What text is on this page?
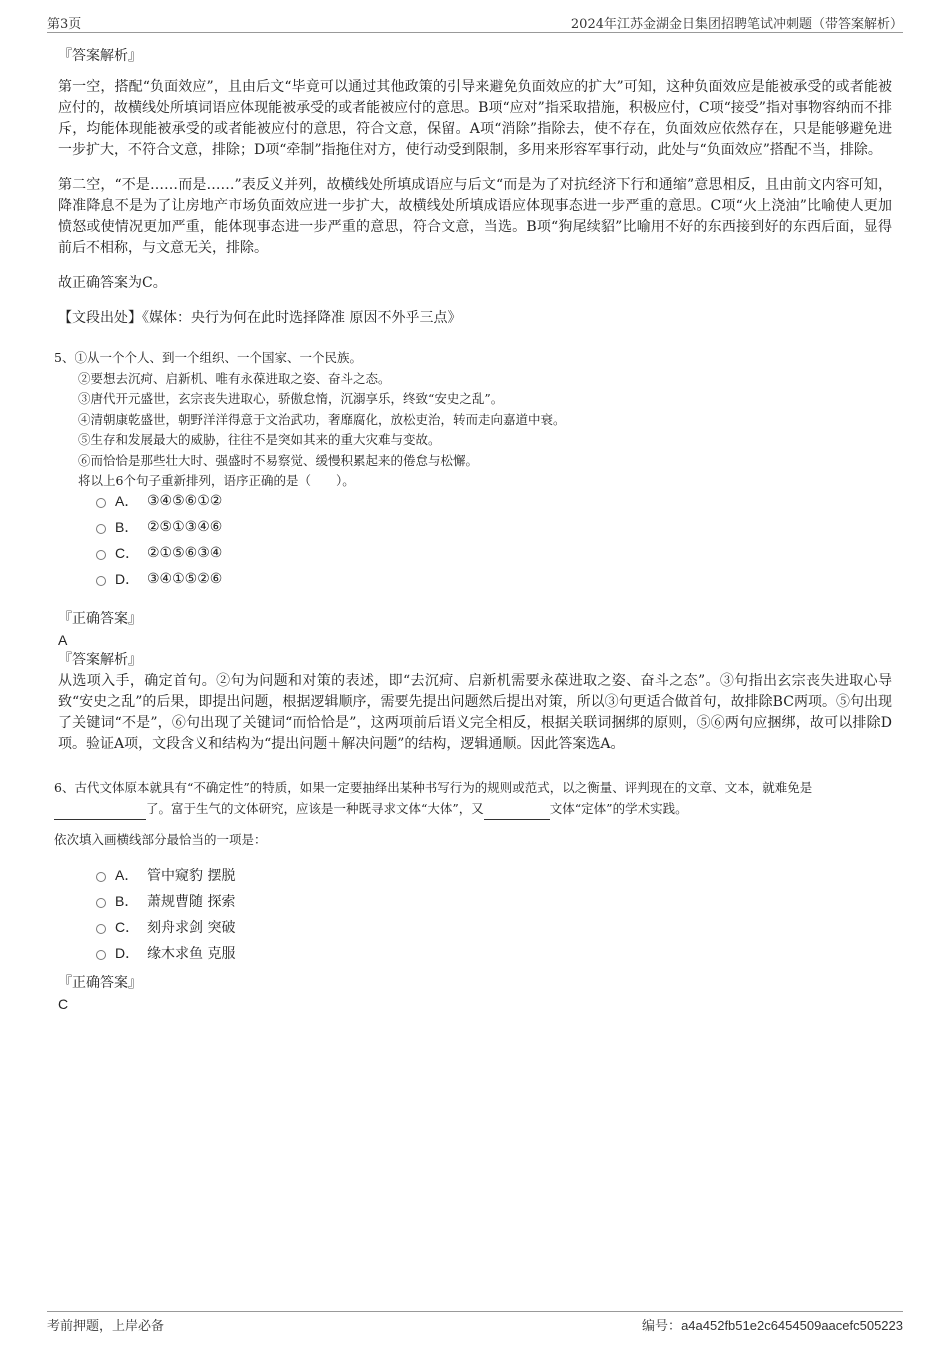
第3页	2024年江苏金湖金日集团招聘笔试冲刺题（带答案解析）

『答案解析』

第一空，搭配“负面效应”，且由后文“毕竟可以通过其他政策的引导来避免负面效应的扩大”可知，这种负面效应是能被承受的或者能被应付的，故横线处所填词语应体现能被承受的或者能被应付的意思。B项“应对”指采取措施，积极应付，C项“接受”指对事物容纳而不排斥，均能体现能被承受的或者能被应付的意思，符合文意，保留。A项“消除”指除去，使不存在，负面效应依然存在，只是能够避免进一步扩大，不符合文意，排除；D项“牵制”指拖住对方，使行动受到限制，多用来形容军事行动，此处与“负面效应”搭配不当，排除。

第二空，“不是……而是……”表反义并列，故横线处所填成语应与后文“而是为了对抗经济下行和通缩”意思相反，且由前文内容可知，降准降息不是为了让房地产市场负面效应进一步扩大，故横线处所填成语应体现事态进一步严重的意思。C项“火上浇油”比喻使人更加愤怒或使情况更加严重，能体现事态进一步严重的意思，符合文意，当选。B项“狗尾续貂”比喻用不好的东西接到好的东西后面，显得前后不相称，与文意无关，排除。

故正确答案为C。

【文段出处】《媒体：央行为何在此时选择降准 原因不外乎三点》

5、①从一个个人、到一个组织、一个国家、一个民族。

②要想去沉疴、启新机、唯有永葆进取之姿、奋斗之态。

③唐代开元盛世，玄宗丧失进取心，骄傲怠惰，沉溺享乐，终致“安史之乱”。

④清朝康乾盛世，朝野洋洋得意于文治武功，奢靡腐化，放松吏治，转而走向嘉道中衰。

⑤生存和发展最大的威胁，往往不是突如其来的重大灾难与变故。

⑥而恰恰是那些壮大时、强盛时不易察觉、缓慢积累起来的倦怠与松懈。

将以上6个句子重新排列，语序正确的是（　　）。

A． ③④⑤⑥①②
B． ②⑤①③④⑥
C． ②①⑤⑥③④
D． ③④①⑤②⑥

『正确答案』

A

『答案解析』

从选项入手，确定首句。②句为问题和对策的表述，即“去沉疴、启新机需要永葆进取之姿、奋斗之态”。③句指出玄宗丧失进取心导致“安史之乱”的后果，即提出问题，根据逻辑顺序，需要先提出问题然后提出对策，所以③句更适合做首句，故排除BC两项。⑤句出现了关键词“不是”，⑥句出现了关键词“而恰恰是”，这两项前后语义完全相反，根据关联词捆绑的原则，⑤⑥两句应捆绑，故可以排除D项。验证A项，文段含义和结构为“提出问题＋解决问题”的结构，逻辑通顺。因此答案选A。

6、古代文体原本就具有“不确定性”的特质，如果一定要抽绎出某种书写行为的规则或范式，以之衡量、评判现在的文章、文本，就难免是

了。富于生气的文体研究，应该是一种既寻求文体“大体”，又	文体“定体”的学术实践。

依次填入画横线部分最恰当的一项是：

A． 管中窥豹 摆脱
B． 萧规曹随 探索
C． 刻舟求剑 突破
D． 缘木求鱼 克服

『正确答案』

C

考前押题，上岸必备	编号：a4a452fb51e2c6454509aacefc505223
